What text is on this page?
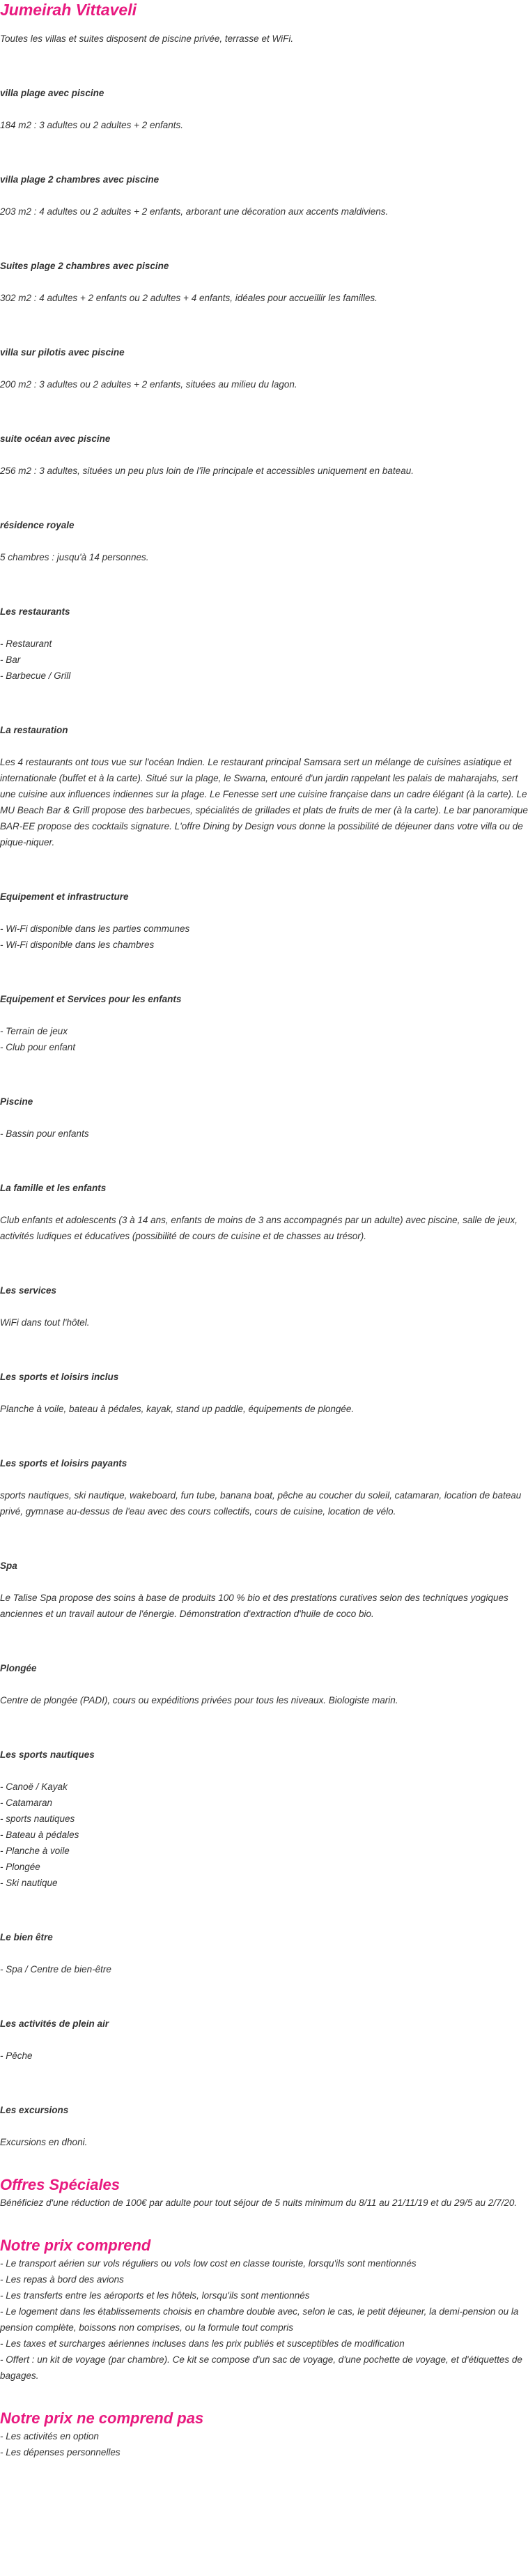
Jumeirah Vittaveli

Toutes les villas et suites disposent de piscine privée, terrasse et WiFi.

villa plage avec piscine

184 m2 : 3 adultes ou 2 adultes + 2 enfants.

villa plage 2 chambres avec piscine

203 m2 : 4 adultes ou 2 adultes + 2 enfants, arborant une décoration aux accents maldiviens.

Suites plage 2 chambres avec piscine

302 m2 : 4 adultes + 2 enfants ou 2 adultes + 4 enfants, idéales pour accueillir les familles.

villa sur pilotis avec piscine

200 m2 : 3 adultes ou 2 adultes + 2 enfants, situées au milieu du lagon.

suite océan avec piscine

256 m2 : 3 adultes, situées un peu plus loin de l'île principale et accessibles uniquement en bateau.

résidence royale

5 chambres : jusqu'à 14 personnes.

Les restaurants

- Restaurant
- Bar
- Barbecue / Grill

La restauration

Les 4 restaurants ont tous vue sur l'océan Indien. Le restaurant principal Samsara sert un mélange de cuisines asiatique et internationale (buffet et à la carte). Situé sur la plage, le Swarna, entouré d'un jardin rappelant les palais de maharajahs, sert une cuisine aux influences indiennes sur la plage. Le Fenesse sert une cuisine française dans un cadre élégant (à la carte). Le MU Beach Bar & Grill propose des barbecues, spécialités de grillades et plats de fruits de mer (à la carte). Le bar panoramique BAR-EE propose des cocktails signature. L'offre Dining by Design vous donne la possibilité de déjeuner dans votre villa ou de pique-niquer.

Equipement et infrastructure

- Wi-Fi disponible dans les parties communes
- Wi-Fi disponible dans les chambres

Equipement et Services pour les enfants

- Terrain de jeux
- Club pour enfant

Piscine

- Bassin pour enfants

La famille et les enfants

Club enfants et adolescents (3 à 14 ans, enfants de moins de 3 ans accompagnés par un adulte) avec piscine, salle de jeux, activités ludiques et éducatives (possibilité de cours de cuisine et de chasses au trésor).

Les services

WiFi dans tout l'hôtel.

Les sports et loisirs inclus

Planche à voile, bateau à pédales, kayak, stand up paddle, équipements de plongée.

Les sports et loisirs payants

sports nautiques, ski nautique, wakeboard, fun tube, banana boat, pêche au coucher du soleil, catamaran, location de bateau privé, gymnase au-dessus de l'eau avec des cours collectifs, cours de cuisine, location de vélo.

Spa

Le Talise Spa propose des soins à base de produits 100 % bio et des prestations curatives selon des techniques yogiques anciennes et un travail autour de l'énergie. Démonstration d'extraction d'huile de coco bio.

Plongée

Centre de plongée (PADI), cours ou expéditions privées pour tous les niveaux. Biologiste marin.

Les sports nautiques

- Canoë / Kayak
- Catamaran
- sports nautiques
- Bateau à pédales
- Planche à voile
- Plongée
- Ski nautique

Le bien être

- Spa / Centre de bien-être

Les activités de plein air

- Pêche

Les excursions

Excursions en dhoni.
Offres Spéciales

Bénéficiez d'une réduction de 100€ par adulte pour tout séjour de 5 nuits minimum du 8/11 au 21/11/19 et du 29/5 au 2/7/20.

Notre prix comprend
- Le transport aérien sur vols réguliers ou vols low cost en classe touriste, lorsqu'ils sont mentionnés
- Les repas à bord des avions
- Les transferts entre les aéroports et les hôtels, lorsqu'ils sont mentionnés
- Le logement dans les établissements choisis en chambre double avec, selon le cas, le petit déjeuner, la demi-pension ou la pension complète, boissons non comprises, ou la formule tout compris
- Les taxes et surcharges aériennes incluses dans les prix publiés et susceptibles de modification
- Offert : un kit de voyage (par chambre). Ce kit se compose d'un sac de voyage, d'une pochette de voyage, et d'étiquettes de bagages.
Notre prix ne comprend pas
- Les activités en option
- Les dépenses personnelles
